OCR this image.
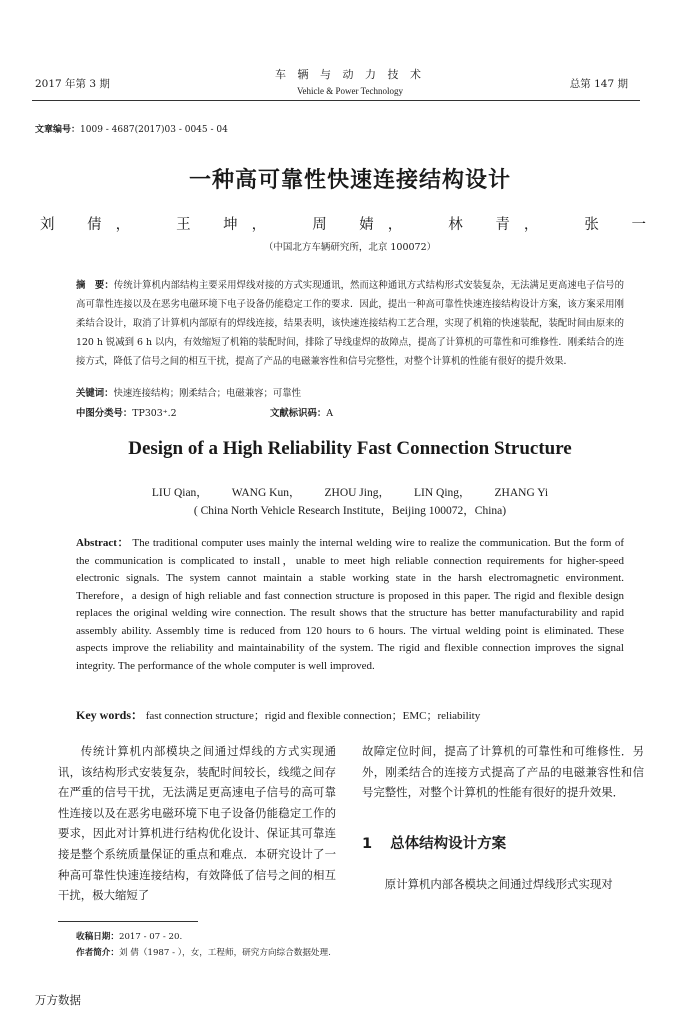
2017 年第 3 期
车 辆 与 动 力 技 术
Vehicle & Power Technology
总第 147 期
文章编号：1009 - 4687(2017)03 - 0045 - 04
一种高可靠性快速连接结构设计
刘 倩， 王 坤， 周 婧， 林 青， 张 一
（中国北方车辆研究所，北京 100072）
摘　要：传统计算机内部结构主要采用焊线对接的方式实现通讯，然而这种通讯方式结构形式安装复杂，无法满足更高速电子信号的高可靠性连接以及在恶劣电磁环境下电子设备仍能稳定工作的要求．因此，提出一种高可靠性快速连接结构设计方案，该方案采用刚柔结合设计，取消了计算机内部原有的焊线连接，结果表明，该快速连接结构工艺合理，实现了机箱的快速装配，装配时间由原来的 120 h 锐减到 6 h 以内，有效缩短了机箱的装配时间，排除了导线虚焊的故障点，提高了计算机的可靠性和可维修性．刚柔结合的连接方式，降低了信号之间的相互干扰，提高了产品的电磁兼容性和信号完整性，对整个计算机的性能有很好的提升效果．
关键词：快速连接结构；刚柔结合；电磁兼容；可靠性
中图分类号：TP303⁺.2	文献标识码：A
Design of a High Reliability Fast Connection Structure
LIU Qian， WANG Kun， ZHOU Jing， LIN Qing， ZHANG Yi
( China North Vehicle Research Institute，Beijing 100072，China)
Abstract： The traditional computer uses mainly the internal welding wire to realize the communication. But the form of the communication is complicated to install，unable to meet high reliable connection requirements for higher-speed electronic signals. The system cannot maintain a stable working state in the harsh electromagnetic environment. Therefore，a design of high reliable and fast connection structure is proposed in this paper. The rigid and flexible design replaces the original welding wire connection. The result shows that the structure has better manufacturability and rapid assembly ability. Assembly time is reduced from 120 hours to 6 hours. The virtual welding point is eliminated. These aspects improve the reliability and maintainability of the system. The rigid and flexible connection improves the signal integrity. The performance of the whole computer is well improved.
Key words： fast connection structure；rigid and flexible connection；EMC；reliability
传统计算机内部模块之间通过焊线的方式实现通讯，该结构形式安装复杂，装配时间较长，线缆之间存在严重的信号干扰，无法满足更高速电子信号的高可靠性连接以及在恶劣电磁环境下电子设备仍能稳定工作的要求，因此对计算机进行结构优化设计、保证其可靠连接是整个系统质量保证的重点和难点．本研究设计了一种高可靠性快速连接结构，有效降低了信号之间的相互干扰，极大缩短了
故障定位时间，提高了计算机的可靠性和可维修性．另外，刚柔结合的连接方式提高了产品的电磁兼容性和信号完整性，对整个计算机的性能有很好的提升效果．
1 总体结构设计方案
原计算机内部各模块之间通过焊线形式实现对
收稿日期：2017 - 07 - 20.
作者简介：刘 倩（1987 - ），女，工程师，研究方向综合数据处理.
万方数据
